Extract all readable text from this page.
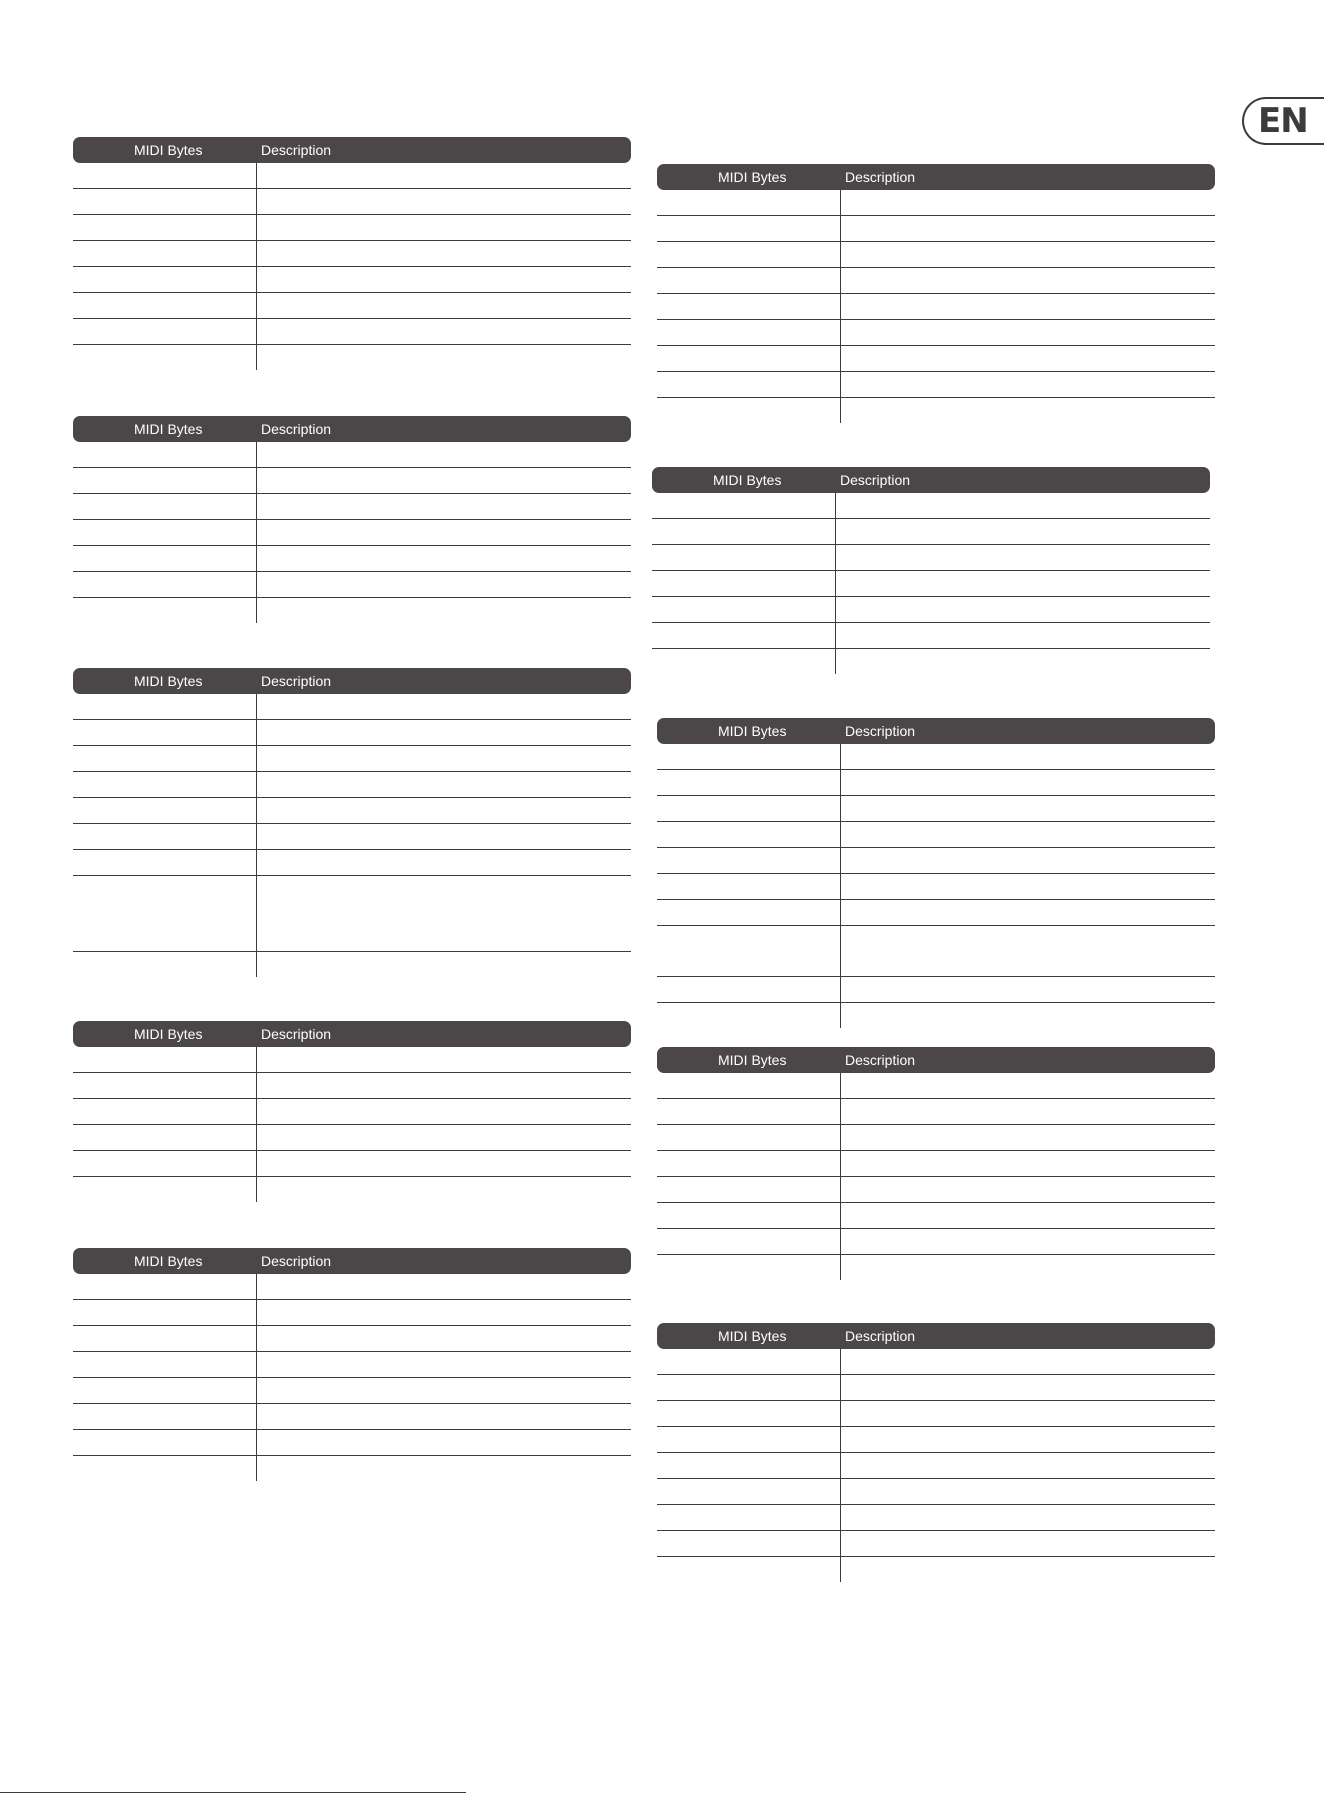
EN
MIDI Bytes	Description
MIDI Bytes	Description
MIDI Bytes	Description
MIDI Bytes	Description
MIDI Bytes	Description
MIDI Bytes	Description
MIDI Bytes	Description
MIDI Bytes	Description
MIDI Bytes	Description
MIDI Bytes	Description
